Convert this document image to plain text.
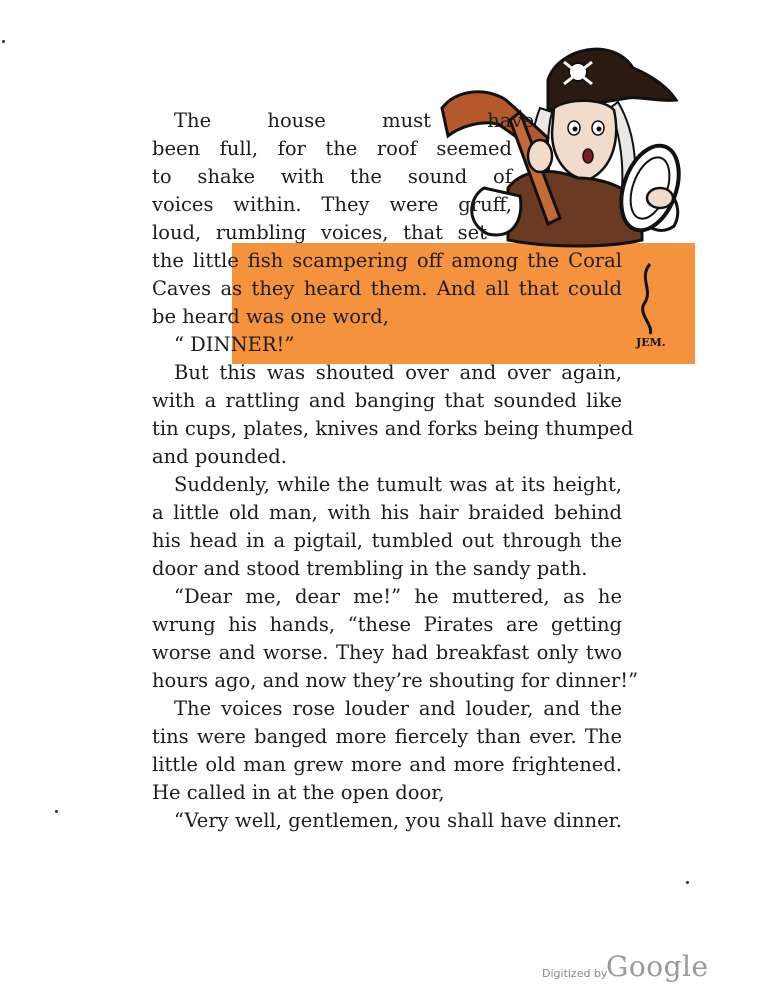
JEM.
The house must have
been full, for the roof seemed
to shake with the sound of
voices within. They were gruff,
loud, rumbling voices, that set
the little fish scampering off among the Coral
Caves as they heard them. And all that could
be heard was one word,
“ DINNER!”
But this was shouted over and over again,
with a rattling and banging that sounded like
tin cups, plates, knives and forks being thumped
and pounded.
Suddenly, while the tumult was at its height,
a little old man, with his hair braided behind
his head in a pigtail, tumbled out through the
door and stood trembling in the sandy path.
“Dear me, dear me!” he muttered, as he
wrung his hands, “these Pirates are getting
worse and worse. They had breakfast only two
hours ago, and now they’re shouting for dinner!”
The voices rose louder and louder, and the
tins were banged more fiercely than ever. The
little old man grew more and more frightened.
He called in at the open door,
“Very well, gentlemen, you shall have dinner.
Digitized by
Google
